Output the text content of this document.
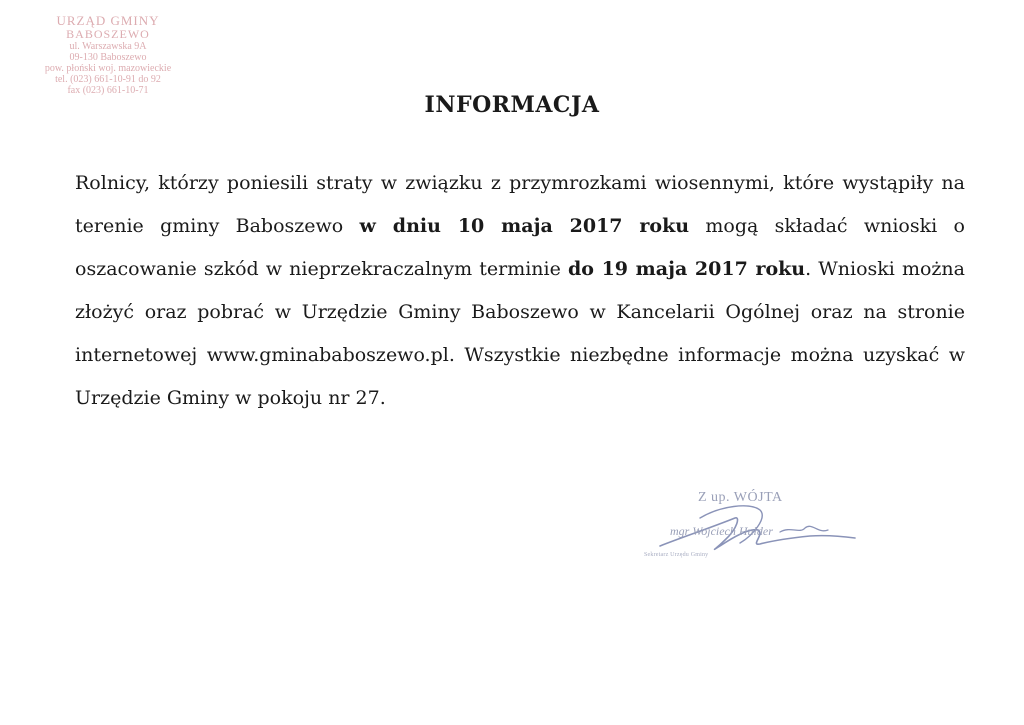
URZĄD GMINY
BABOSZEWO
ul. Warszawska 9A
09-130 Baboszewo
pow. płoński woj. mazowieckie
tel. (023) 661-10-91 do 92
fax (023) 661-10-71
INFORMACJA
Rolnicy, którzy poniesili straty w związku z przymrozkami wiosennymi, które wystąpiły na terenie gminy Baboszewo w dniu 10 maja 2017 roku mogą składać wnioski o oszacowanie szkód w nieprzekraczalnym terminie do 19 maja 2017 roku. Wnioski można złożyć oraz pobrać w Urzędzie Gminy Baboszewo w Kancelarii Ogólnej oraz na stronie internetowej www.gminababoszewo.pl. Wszystkie niezbędne informacje można uzyskać w Urzędzie Gminy w pokoju nr 27.
Z up. WÓJTA
mgr Wojciech Hulder
Sekretarz Urzędu Gminy
